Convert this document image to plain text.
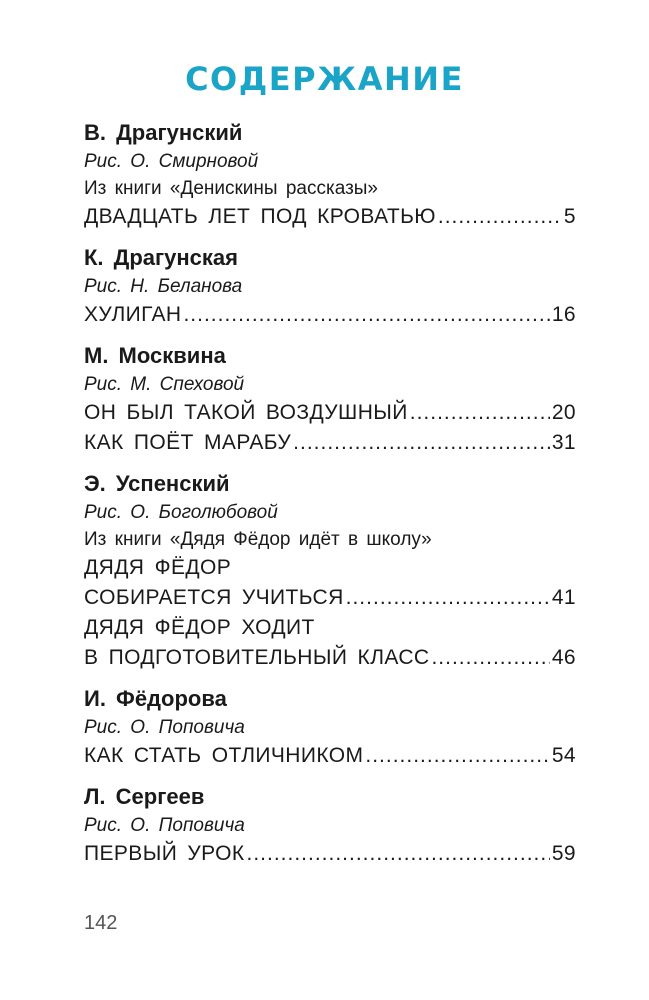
СОДЕРЖАНИЕ
В. Драгунский
Рис. О. Смирновой
Из книги «Денискины рассказы»
ДВАДЦАТЬ ЛЕТ ПОД КРОВАТЬЮ .....	5
К. Драгунская
Рис. Н. Беланова
ХУЛИГАН .....	16
М. Москвина
Рис. М. Спеховой
ОН БЫЛ ТАКОЙ ВОЗДУШНЫЙ .....	20
КАК ПОЁТ МАРАБУ .....	31
Э. Успенский
Рис. О. Боголюбовой
Из книги «Дядя Фёдор идёт в школу»
ДЯДЯ ФЁДОР
СОБИРАЕТСЯ УЧИТЬСЯ .....	41
ДЯДЯ ФЁДОР ХОДИТ
В ПОДГОТОВИТЕЛЬНЫЙ КЛАСС .....	46
И. Фёдорова
Рис. О. Поповича
КАК СТАТЬ ОТЛИЧНИКОМ .....	54
Л. Сергеев
Рис. О. Поповича
ПЕРВЫЙ УРОК .....	59
142
